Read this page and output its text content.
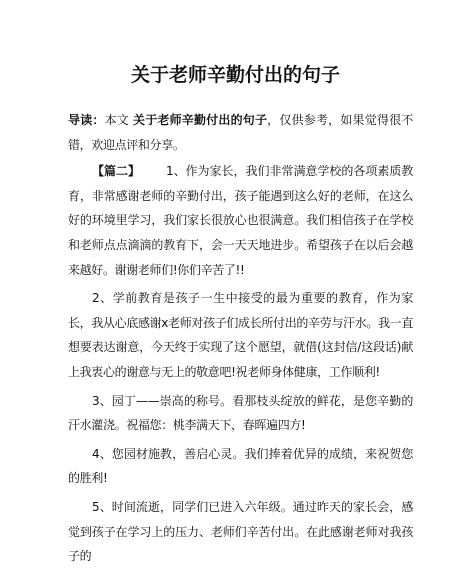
关于老师辛勤付出的句子

导读：本文 关于老师辛勤付出的句子，仅供参考，如果觉得很不错，欢迎点评和分享。

【篇二】 1、作为家长，我们非常满意学校的各项素质教育，非常感谢老师的辛勤付出，孩子能遇到这么好的老师，在这么好的环境里学习，我们家长很放心也很满意。我们相信孩子在学校和老师点点滴滴的教育下，会一天天地进步。希望孩子在以后会越来越好。谢谢老师们!你们辛苦了!!

2、学前教育是孩子一生中接受的最为重要的教育，作为家长，我从心底感谢x老师对孩子们成长所付出的辛劳与汗水。我一直想要表达谢意，今天终于实现了这个愿望，就借(这封信/这段话)献上我衷心的谢意与无上的敬意吧!祝老师身体健康，工作顺利!

3、园丁——崇高的称号。看那枝头绽放的鲜花，是您辛勤的汗水灌浇。祝福您：桃李满天下，春晖遍四方!

4、您园材施教，善启心灵。我们捧着优异的成绩，来祝贺您的胜利!

5、时间流逝，同学们已进入六年级。通过昨天的家长会，感觉到孩子在学习上的压力、老师们辛苦付出。在此感谢老师对我孩子的
